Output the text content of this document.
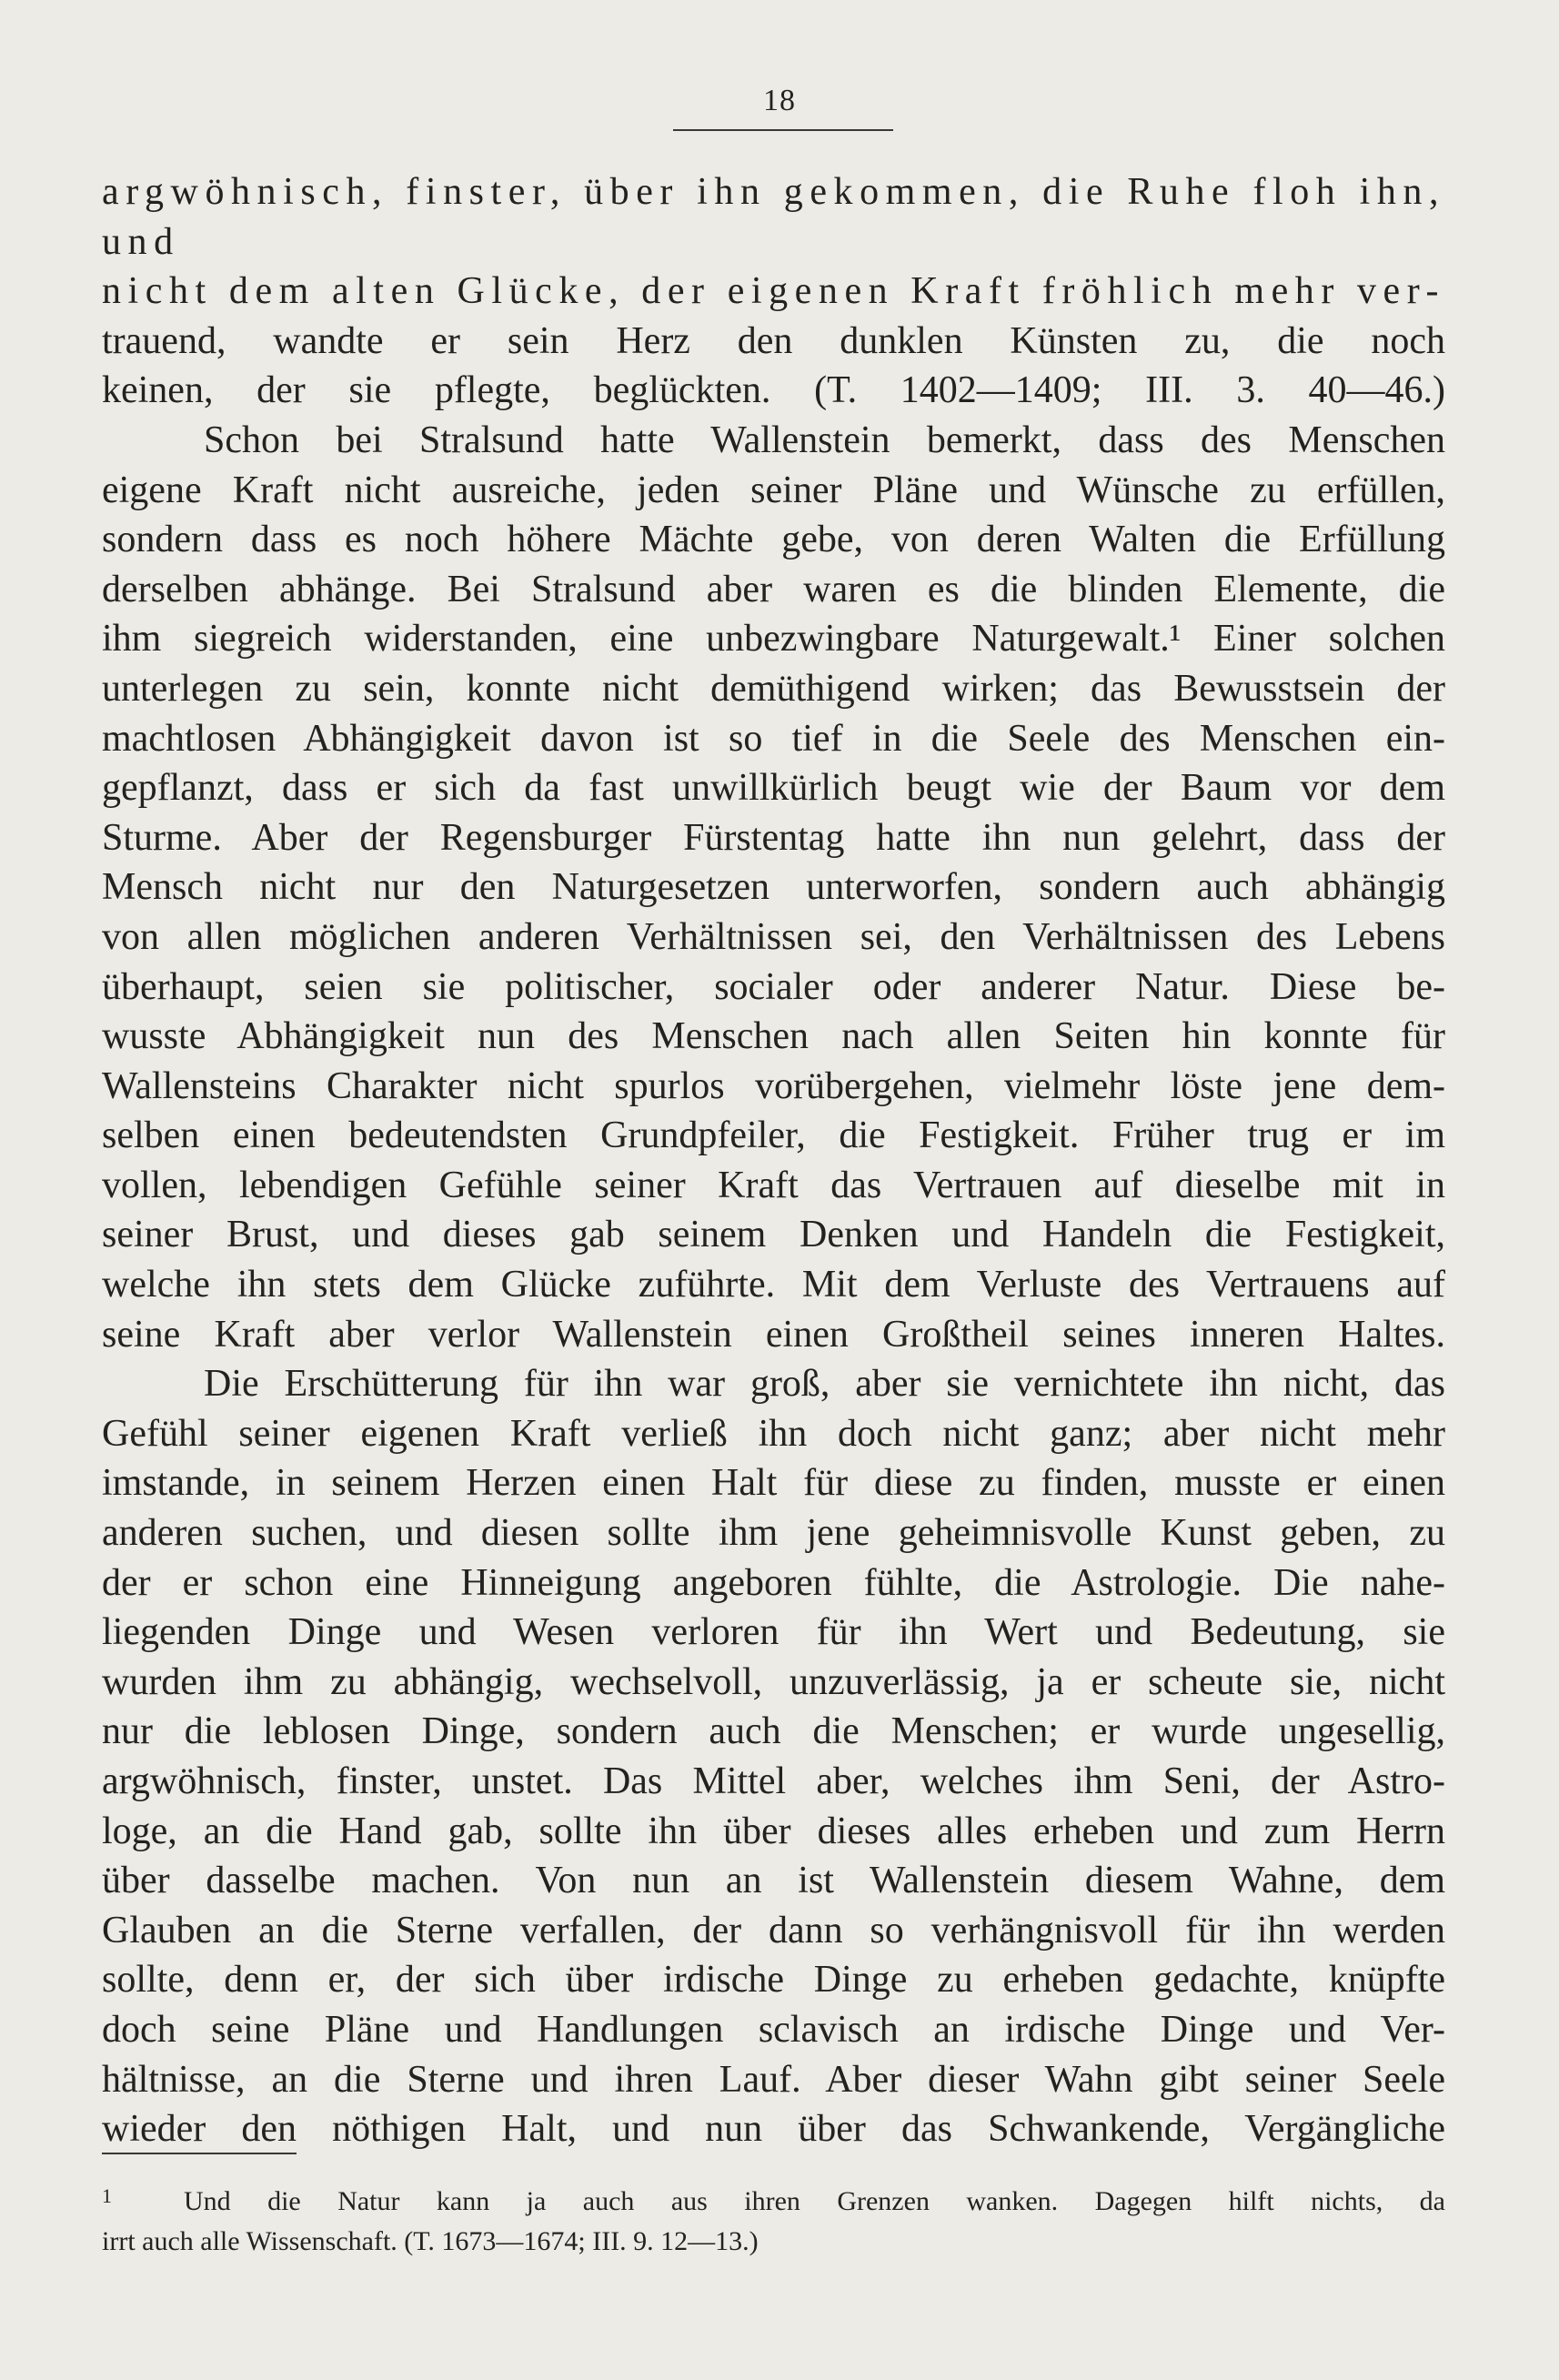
18
argwöhnisch, finster, über ihn gekommen, die Ruhe floh ihn, und
nicht dem alten Glücke, der eigenen Kraft fröhlich mehr ver-
trauend, wandte er sein Herz den dunklen Künsten zu, die noch
keinen, der sie pflegte, beglückten. (T. 1402—1409; III. 3. 40—46.)
Schon bei Stralsund hatte Wallenstein bemerkt, dass des Menschen
eigene Kraft nicht ausreiche, jeden seiner Pläne und Wünsche zu erfüllen,
sondern dass es noch höhere Mächte gebe, von deren Walten die Erfüllung
derselben abhänge. Bei Stralsund aber waren es die blinden Elemente, die
ihm siegreich widerstanden, eine unbezwingbare Naturgewalt.¹ Einer solchen
unterlegen zu sein, konnte nicht demüthigend wirken; das Bewusstsein der
machtlosen Abhängigkeit davon ist so tief in die Seele des Menschen ein-
gepflanzt, dass er sich da fast unwillkürlich beugt wie der Baum vor dem
Sturme. Aber der Regensburger Fürstentag hatte ihn nun gelehrt, dass der
Mensch nicht nur den Naturgesetzen unterworfen, sondern auch abhängig
von allen möglichen anderen Verhältnissen sei, den Verhältnissen des Lebens
überhaupt, seien sie politischer, socialer oder anderer Natur. Diese be-
wusste Abhängigkeit nun des Menschen nach allen Seiten hin konnte für
Wallensteins Charakter nicht spurlos vorübergehen, vielmehr löste jene dem-
selben einen bedeutendsten Grundpfeiler, die Festigkeit. Früher trug er im
vollen, lebendigen Gefühle seiner Kraft das Vertrauen auf dieselbe mit in
seiner Brust, und dieses gab seinem Denken und Handeln die Festigkeit,
welche ihn stets dem Glücke zuführte. Mit dem Verluste des Vertrauens auf
seine Kraft aber verlor Wallenstein einen Großtheil seines inneren Haltes.
Die Erschütterung für ihn war groß, aber sie vernichtete ihn nicht, das
Gefühl seiner eigenen Kraft verließ ihn doch nicht ganz; aber nicht mehr
imstande, in seinem Herzen einen Halt für diese zu finden, musste er einen
anderen suchen, und diesen sollte ihm jene geheimnisvolle Kunst geben, zu
der er schon eine Hinneigung angeboren fühlte, die Astrologie. Die nahe-
liegenden Dinge und Wesen verloren für ihn Wert und Bedeutung, sie
wurden ihm zu abhängig, wechselvoll, unzuverlässig, ja er scheute sie, nicht
nur die leblosen Dinge, sondern auch die Menschen; er wurde ungesellig,
argwöhnisch, finster, unstet. Das Mittel aber, welches ihm Seni, der Astro-
loge, an die Hand gab, sollte ihn über dieses alles erheben und zum Herrn
über dasselbe machen. Von nun an ist Wallenstein diesem Wahne, dem
Glauben an die Sterne verfallen, der dann so verhängnisvoll für ihn werden
sollte, denn er, der sich über irdische Dinge zu erheben gedachte, knüpfte
doch seine Pläne und Handlungen sclavisch an irdische Dinge und Ver-
hältnisse, an die Sterne und ihren Lauf. Aber dieser Wahn gibt seiner Seele
wieder den nöthigen Halt, und nun über das Schwankende, Vergängliche
1	Und die Natur kann ja auch aus ihren Grenzen wanken. Dagegen hilft nichts, da
irrt auch alle Wissenschaft. (T. 1673—1674; III. 9. 12—13.)
